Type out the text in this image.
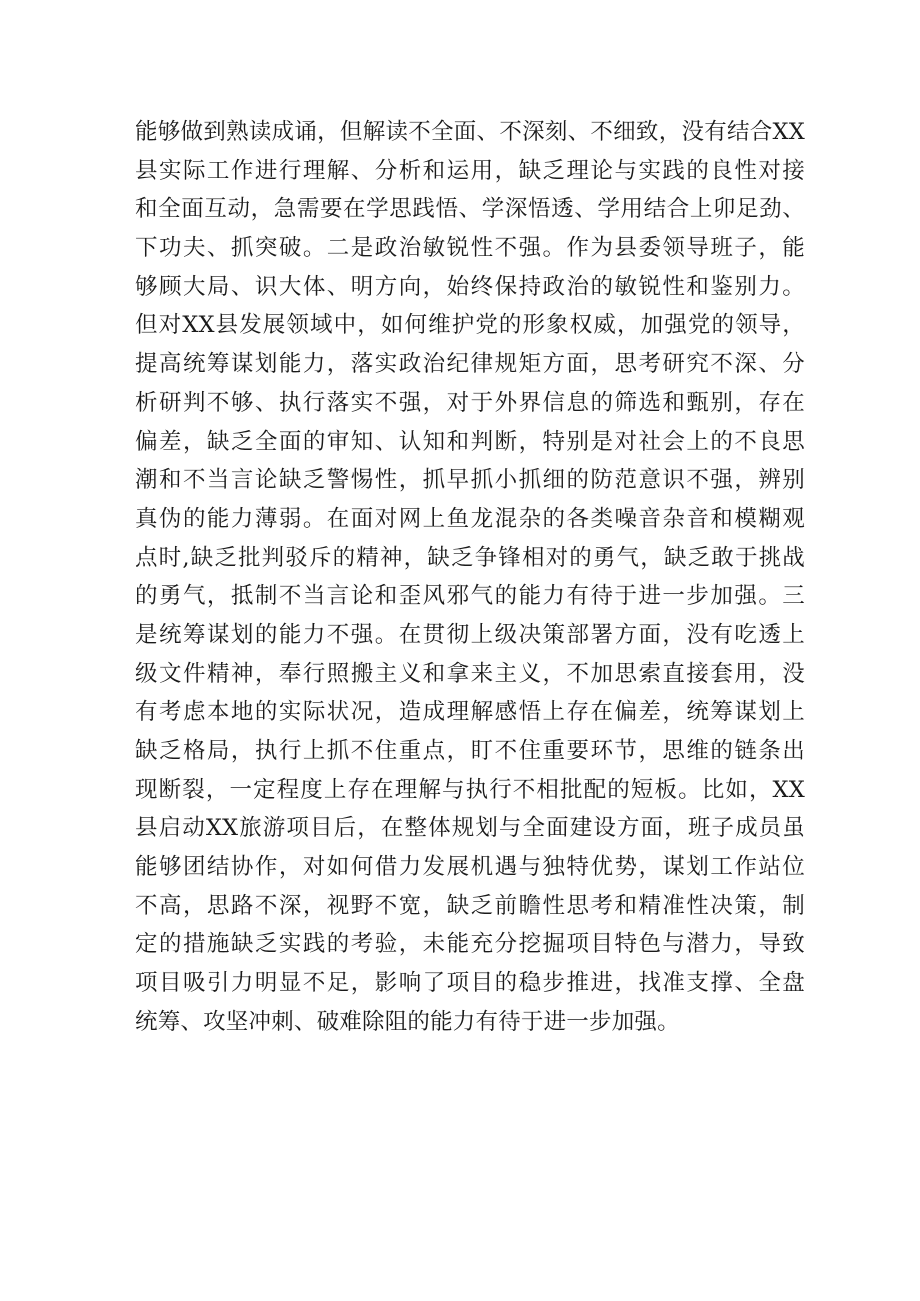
能够做到熟读成诵，但解读不全面、不深刻、不细致，没有结合XX
县实际工作进行理解、分析和运用，缺乏理论与实践的良性对接
和全面互动，急需要在学思践悟、学深悟透、学用结合上卯足劲、
下功夫、抓突破。二是政治敏锐性不强。作为县委领导班子，能
够顾大局、识大体、明方向，始终保持政治的敏锐性和鉴别力。
但对XX县发展领域中，如何维护党的形象权威，加强党的领导，
提高统筹谋划能力，落实政治纪律规矩方面，思考研究不深、分
析研判不够、执行落实不强，对于外界信息的筛选和甄别，存在
偏差，缺乏全面的审知、认知和判断，特别是对社会上的不良思
潮和不当言论缺乏警惕性，抓早抓小抓细的防范意识不强，辨别
真伪的能力薄弱。在面对网上鱼龙混杂的各类噪音杂音和模糊观
点时,缺乏批判驳斥的精神，缺乏争锋相对的勇气，缺乏敢于挑战
的勇气，抵制不当言论和歪风邪气的能力有待于进一步加强。三
是统筹谋划的能力不强。在贯彻上级决策部署方面，没有吃透上
级文件精神，奉行照搬主义和拿来主义，不加思索直接套用，没
有考虑本地的实际状况，造成理解感悟上存在偏差，统筹谋划上
缺乏格局，执行上抓不住重点，盯不住重要环节，思维的链条出
现断裂，一定程度上存在理解与执行不相批配的短板。比如，XX
县启动XX旅游项目后，在整体规划与全面建设方面，班子成员虽
能够团结协作，对如何借力发展机遇与独特优势，谋划工作站位
不高，思路不深，视野不宽，缺乏前瞻性思考和精准性决策，制
定的措施缺乏实践的考验，未能充分挖掘项目特色与潜力，导致
项目吸引力明显不足，影响了项目的稳步推进，找准支撑、全盘
统筹、攻坚冲刺、破难除阻的能力有待于进一步加强。
